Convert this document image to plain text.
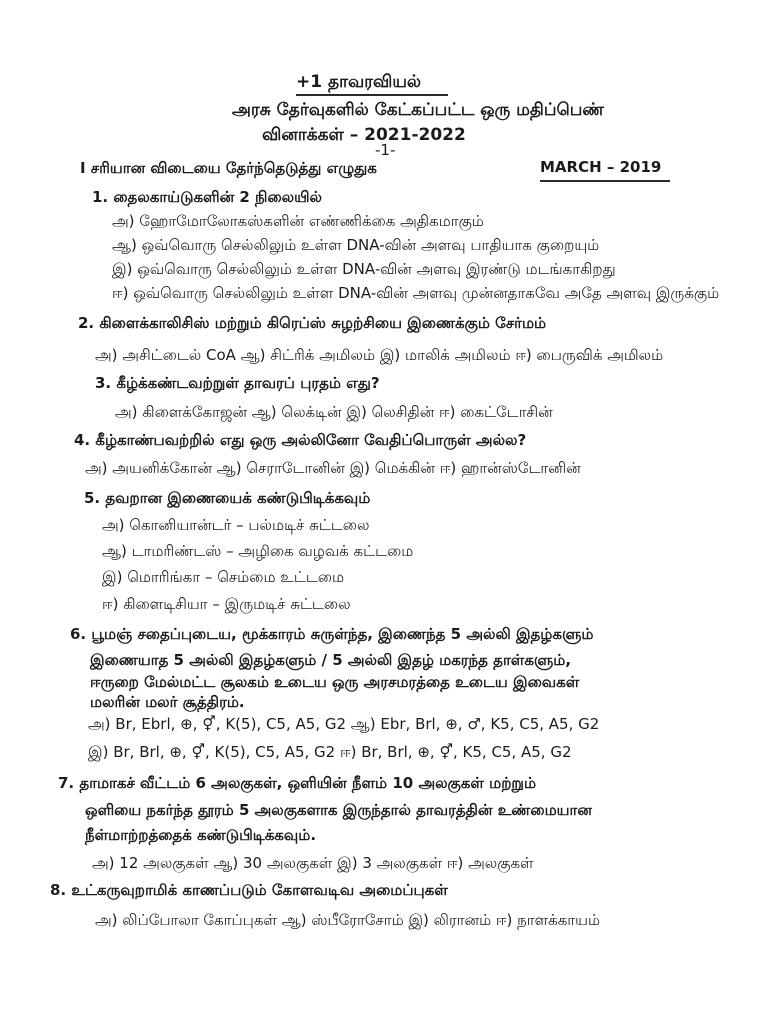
+1 தாவரவியல்
அரசு தேர்வுகளில் கேட்கப்பட்ட ஒரு மதிப்பெண்
வினாக்கள் – 2021-2022
-1-
I சரியான விடையை தேர்ந்தெடுத்து எழுதுக	MARCH – 2019
1. தைலகாய்டுகளின் 2 நிலையில்
அ) ஹோமோலோகஸ்களின் எண்ணிக்கை அதிகமாகும்
ஆ) ஒவ்வொரு செல்லிலும் உள்ள DNA-வின் அளவு பாதியாக குறையும்
இ) ஒவ்வொரு செல்லிலும் உள்ள DNA-வின் அளவு இரண்டு மடங்காகிறது
ஈ) ஒவ்வொரு செல்லிலும் உள்ள DNA-வின் அளவு முன்னதாகவே அதே அளவு இருக்கும்
2. கிளைக்காலிசிஸ் மற்றும் கிரெப்ஸ் சுழற்சியை இணைக்கும் சேர்மம்
அ) அசிட்டைல் CoA ஆ) சிட்ரிக் அமிலம் இ) மாலிக் அமிலம் ஈ) பைருவிக் அமிலம்
3. கீழ்க்கண்டவற்றுள் தாவரப் புரதம் எது?
அ) கிளைக்கோஜன் ஆ) லெக்டின் இ) லெசிதின் ஈ) கைட்டோசின்
4. கீழ்காண்பவற்றில் எது ஒரு அல்லினோ வேதிப்பொருள் அல்ல?
அ) அயனிக்கோன் ஆ) செராடோனின் இ) மெக்கின் ஈ) ஹான்ஸ்டோனின்
5. தவறான இணையைக் கண்டுபிடிக்கவும்
அ) கொனியான்டர் – பல்மடிச் சுட்டலை
ஆ) டாமரிண்டஸ் – அழிகை வழவக் கட்டமை
இ) மொரிங்கா – செம்மை உட்டமை
ஈ) கிளைடிசியா – இருமடிச் சுட்டலை
6. பூமஞ் சதைப்புடைய, மூக்காரம் சுருள்ந்த, இணைந்த 5 அல்லி இதழ்களும்
இணையாத 5 அல்லி இதழ்களும் / 5 அல்லி இதழ் மகரந்த தாள்களும்,
ஈருறை மேல்மட்ட சூலகம் உடைய ஒரு அரசமரத்தை உடைய இவைகள்
மலரின் மலர் சூத்திரம்.
அ) Br, Ebrl, ⊕, ⚥, K(5), C5, A5, G2 ஆ) Ebr, Brl, ⊕, ♂, K5, C5, A5, G2
இ) Br, Brl, ⊕, ⚥, K(5), C5, A5, G2 ஈ) Br, Brl, ⊕, ⚥, K5, C5, A5, G2
7. தாமாகச் வீட்டம் 6 அலகுகள், ஒளியின் நீளம் 10 அலகுகள் மற்றும்
ஒளியை நகர்ந்த தூரம் 5 அலகுகளாக இருந்தால் தாவரத்தின் உண்மையான
நீள்மாற்றத்தைக் கண்டுபிடிக்கவும்.
அ) 12 அலகுகள் ஆ) 30 அலகுகள் இ) 3 அலகுகள் ஈ) அலகுகள்
8. உட்கருவுறாமிக் காணப்படும் கோளவடிவ அமைப்புகள்
அ) லிப்போலா கோப்புகள் ஆ) ஸ்பீரோசோம் இ) லிரானம் ஈ) நாளக்காயம்
